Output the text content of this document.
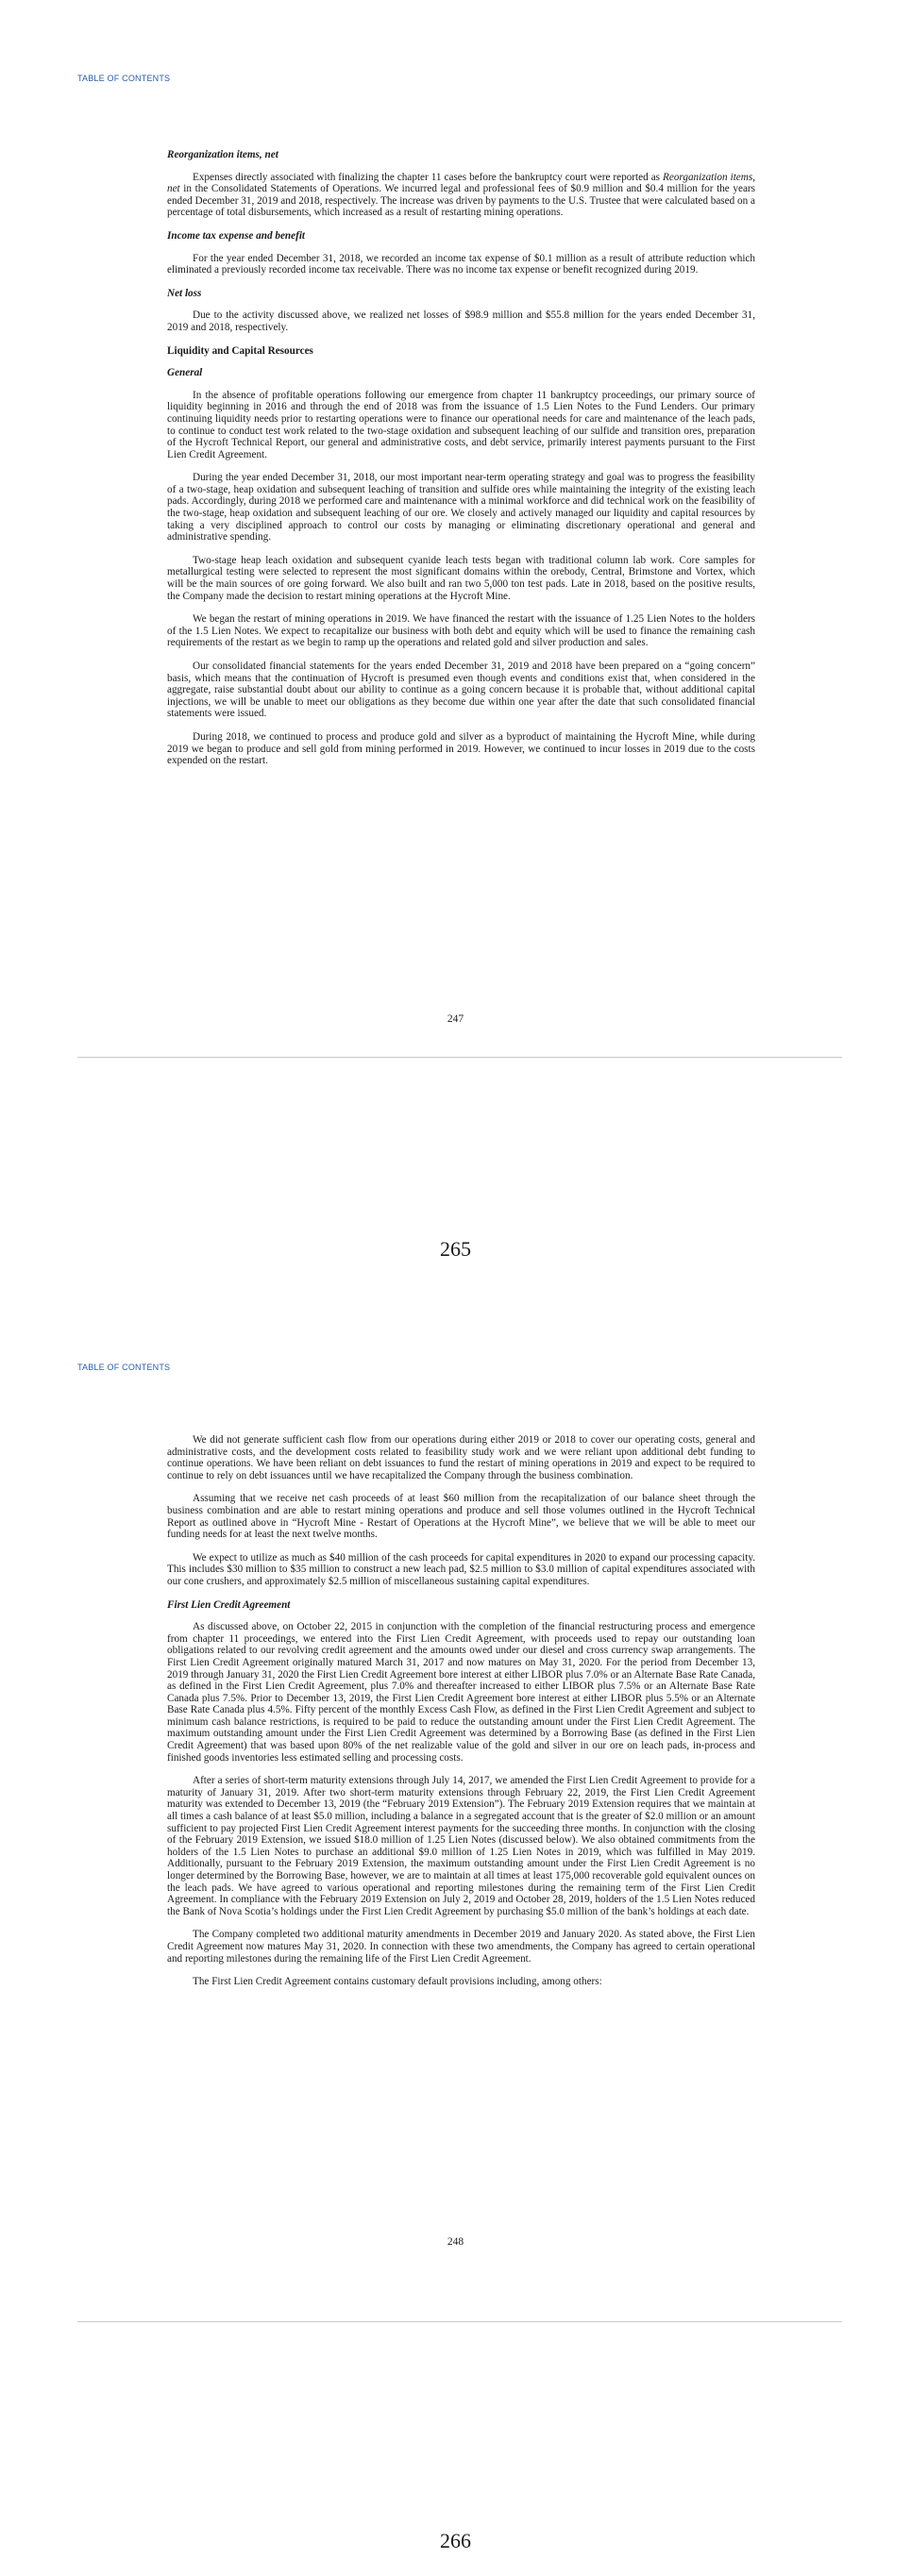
TABLE OF CONTENTS
Reorganization items, net

Expenses directly associated with finalizing the chapter 11 cases before the bankruptcy court were reported as Reorganization items, net in the Consolidated Statements of Operations. We incurred legal and professional fees of $0.9 million and $0.4 million for the years ended December 31, 2019 and 2018, respectively. The increase was driven by payments to the U.S. Trustee that were calculated based on a percentage of total disbursements, which increased as a result of restarting mining operations.

Income tax expense and benefit

For the year ended December 31, 2018, we recorded an income tax expense of $0.1 million as a result of attribute reduction which eliminated a previously recorded income tax receivable. There was no income tax expense or benefit recognized during 2019.

Net loss

Due to the activity discussed above, we realized net losses of $98.9 million and $55.8 million for the years ended December 31, 2019 and 2018, respectively.

Liquidity and Capital Resources
General

In the absence of profitable operations following our emergence from chapter 11 bankruptcy proceedings, our primary source of liquidity beginning in 2016 and through the end of 2018 was from the issuance of 1.5 Lien Notes to the Fund Lenders. Our primary continuing liquidity needs prior to restarting operations were to finance our operational needs for care and maintenance of the leach pads, to continue to conduct test work related to the two-stage oxidation and subsequent leaching of our sulfide and transition ores, preparation of the Hycroft Technical Report, our general and administrative costs, and debt service, primarily interest payments pursuant to the First Lien Credit Agreement.

During the year ended December 31, 2018, our most important near-term operating strategy and goal was to progress the feasibility of a two-stage, heap oxidation and subsequent leaching of transition and sulfide ores while maintaining the integrity of the existing leach pads. Accordingly, during 2018 we performed care and maintenance with a minimal workforce and did technical work on the feasibility of the two-stage, heap oxidation and subsequent leaching of our ore. We closely and actively managed our liquidity and capital resources by taking a very disciplined approach to control our costs by managing or eliminating discretionary operational and general and administrative spending.

Two-stage heap leach oxidation and subsequent cyanide leach tests began with traditional column lab work. Core samples for metallurgical testing were selected to represent the most significant domains within the orebody, Central, Brimstone and Vortex, which will be the main sources of ore going forward. We also built and ran two 5,000 ton test pads. Late in 2018, based on the positive results, the Company made the decision to restart mining operations at the Hycroft Mine.

We began the restart of mining operations in 2019. We have financed the restart with the issuance of 1.25 Lien Notes to the holders of the 1.5 Lien Notes. We expect to recapitalize our business with both debt and equity which will be used to finance the remaining cash requirements of the restart as we begin to ramp up the operations and related gold and silver production and sales.

Our consolidated financial statements for the years ended December 31, 2019 and 2018 have been prepared on a “going concern” basis, which means that the continuation of Hycroft is presumed even though events and conditions exist that, when considered in the aggregate, raise substantial doubt about our ability to continue as a going concern because it is probable that, without additional capital injections, we will be unable to meet our obligations as they become due within one year after the date that such consolidated financial statements were issued.

During 2018, we continued to process and produce gold and silver as a byproduct of maintaining the Hycroft Mine, while during 2019 we began to produce and sell gold from mining performed in 2019. However, we continued to incur losses in 2019 due to the costs expended on the restart.

247
265
TABLE OF CONTENTS

We did not generate sufficient cash flow from our operations during either 2019 or 2018 to cover our operating costs, general and administrative costs, and the development costs related to feasibility study work and we were reliant upon additional debt funding to continue operations. We have been reliant on debt issuances to fund the restart of mining operations in 2019 and expect to be required to continue to rely on debt issuances until we have recapitalized the Company through the business combination.

Assuming that we receive net cash proceeds of at least $60 million from the recapitalization of our balance sheet through the business combination and are able to restart mining operations and produce and sell those volumes outlined in the Hycroft Technical Report as outlined above in “Hycroft Mine - Restart of Operations at the Hycroft Mine”, we believe that we will be able to meet our funding needs for at least the next twelve months.

We expect to utilize as much as $40 million of the cash proceeds for capital expenditures in 2020 to expand our processing capacity. This includes $30 million to $35 million to construct a new leach pad, $2.5 million to $3.0 million of capital expenditures associated with our cone crushers, and approximately $2.5 million of miscellaneous sustaining capital expenditures.

First Lien Credit Agreement

As discussed above, on October 22, 2015 in conjunction with the completion of the financial restructuring process and emergence from chapter 11 proceedings, we entered into the First Lien Credit Agreement, with proceeds used to repay our outstanding loan obligations related to our revolving credit agreement and the amounts owed under our diesel and cross currency swap arrangements. The First Lien Credit Agreement originally matured March 31, 2017 and now matures on May 31, 2020. For the period from December 13, 2019 through January 31, 2020 the First Lien Credit Agreement bore interest at either LIBOR plus 7.0% or an Alternate Base Rate Canada, as defined in the First Lien Credit Agreement, plus 7.0% and thereafter increased to either LIBOR plus 7.5% or an Alternate Base Rate Canada plus 7.5%. Prior to December 13, 2019, the First Lien Credit Agreement bore interest at either LIBOR plus 5.5% or an Alternate Base Rate Canada plus 4.5%. Fifty percent of the monthly Excess Cash Flow, as defined in the First Lien Credit Agreement and subject to minimum cash balance restrictions, is required to be paid to reduce the outstanding amount under the First Lien Credit Agreement. The maximum outstanding amount under the First Lien Credit Agreement was determined by a Borrowing Base (as defined in the First Lien Credit Agreement) that was based upon 80% of the net realizable value of the gold and silver in our ore on leach pads, in-process and finished goods inventories less estimated selling and processing costs.

After a series of short-term maturity extensions through July 14, 2017, we amended the First Lien Credit Agreement to provide for a maturity of January 31, 2019. After two short-term maturity extensions through February 22, 2019, the First Lien Credit Agreement maturity was extended to December 13, 2019 (the “February 2019 Extension”). The February 2019 Extension requires that we maintain at all times a cash balance of at least $5.0 million, including a balance in a segregated account that is the greater of $2.0 million or an amount sufficient to pay projected First Lien Credit Agreement interest payments for the succeeding three months. In conjunction with the closing of the February 2019 Extension, we issued $18.0 million of 1.25 Lien Notes (discussed below). We also obtained commitments from the holders of the 1.5 Lien Notes to purchase an additional $9.0 million of 1.25 Lien Notes in 2019, which was fulfilled in May 2019. Additionally, pursuant to the February 2019 Extension, the maximum outstanding amount under the First Lien Credit Agreement is no longer determined by the Borrowing Base, however, we are to maintain at all times at least 175,000 recoverable gold equivalent ounces on the leach pads. We have agreed to various operational and reporting milestones during the remaining term of the First Lien Credit Agreement. In compliance with the February 2019 Extension on July 2, 2019 and October 28, 2019, holders of the 1.5 Lien Notes reduced the Bank of Nova Scotia’s holdings under the First Lien Credit Agreement by purchasing $5.0 million of the bank’s holdings at each date.

The Company completed two additional maturity amendments in December 2019 and January 2020. As stated above, the First Lien Credit Agreement now matures May 31, 2020. In connection with these two amendments, the Company has agreed to certain operational and reporting milestones during the remaining life of the First Lien Credit Agreement.

The First Lien Credit Agreement contains customary default provisions including, among others:

248
266
